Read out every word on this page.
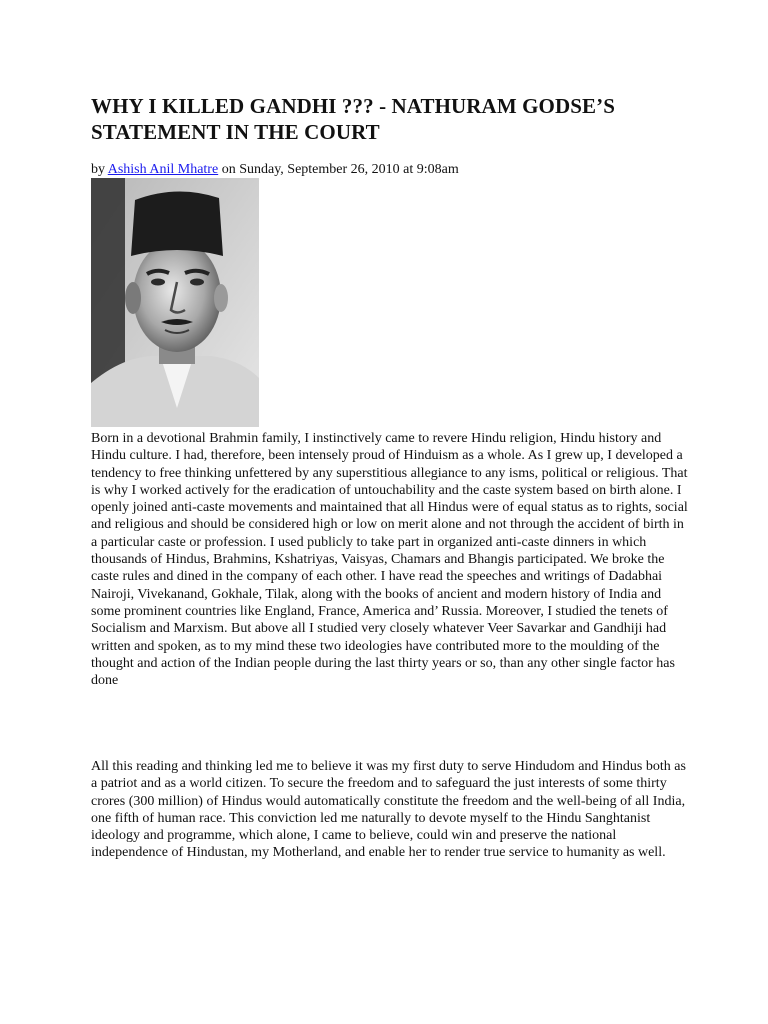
WHY I KILLED GANDHI ??? - NATHURAM GODSE’S STATEMENT IN THE COURT
by Ashish Anil Mhatre on Sunday, September 26, 2010 at 9:08am

Born in a devotional Brahmin family, I instinctively came to revere Hindu religion, Hindu history and Hindu culture. I had, therefore, been intensely proud of Hinduism as a whole. As I grew up, I developed a tendency to free thinking unfettered by any superstitious allegiance to any isms, political or religious. That is why I worked actively for the eradication of untouchability and the caste system based on birth alone. I openly joined anti-caste movements and maintained that all Hindus were of equal status as to rights, social and religious and should be considered high or low on merit alone and not through the accident of birth in a particular caste or profession. I used publicly to take part in organized anti-caste dinners in which thousands of Hindus, Brahmins, Kshatriyas, Vaisyas, Chamars and Bhangis participated. We broke the caste rules and dined in the company of each other. I have read the speeches and writings of Dadabhai Nairoji, Vivekanand, Gokhale, Tilak, along with the books of ancient and modern history of India and some prominent countries like England, France, America and’ Russia. Moreover, I studied the tenets of Socialism and Marxism. But above all I studied very closely whatever Veer Savarkar and Gandhiji had written and spoken, as to my mind these two ideologies have contributed more to the moulding of the thought and action of the Indian people during the last thirty years or so, than any other single factor has done

All this reading and thinking led me to believe it was my first duty to serve Hindudom and Hindus both as a patriot and as a world citizen. To secure the freedom and to safeguard the just interests of some thirty crores (300 million) of Hindus would automatically constitute the freedom and the well-being of all India, one fifth of human race. This conviction led me naturally to devote myself to the Hindu Sanghtanist ideology and programme, which alone, I came to believe, could win and preserve the national independence of Hindustan, my Motherland, and enable her to render true service to humanity as well.
